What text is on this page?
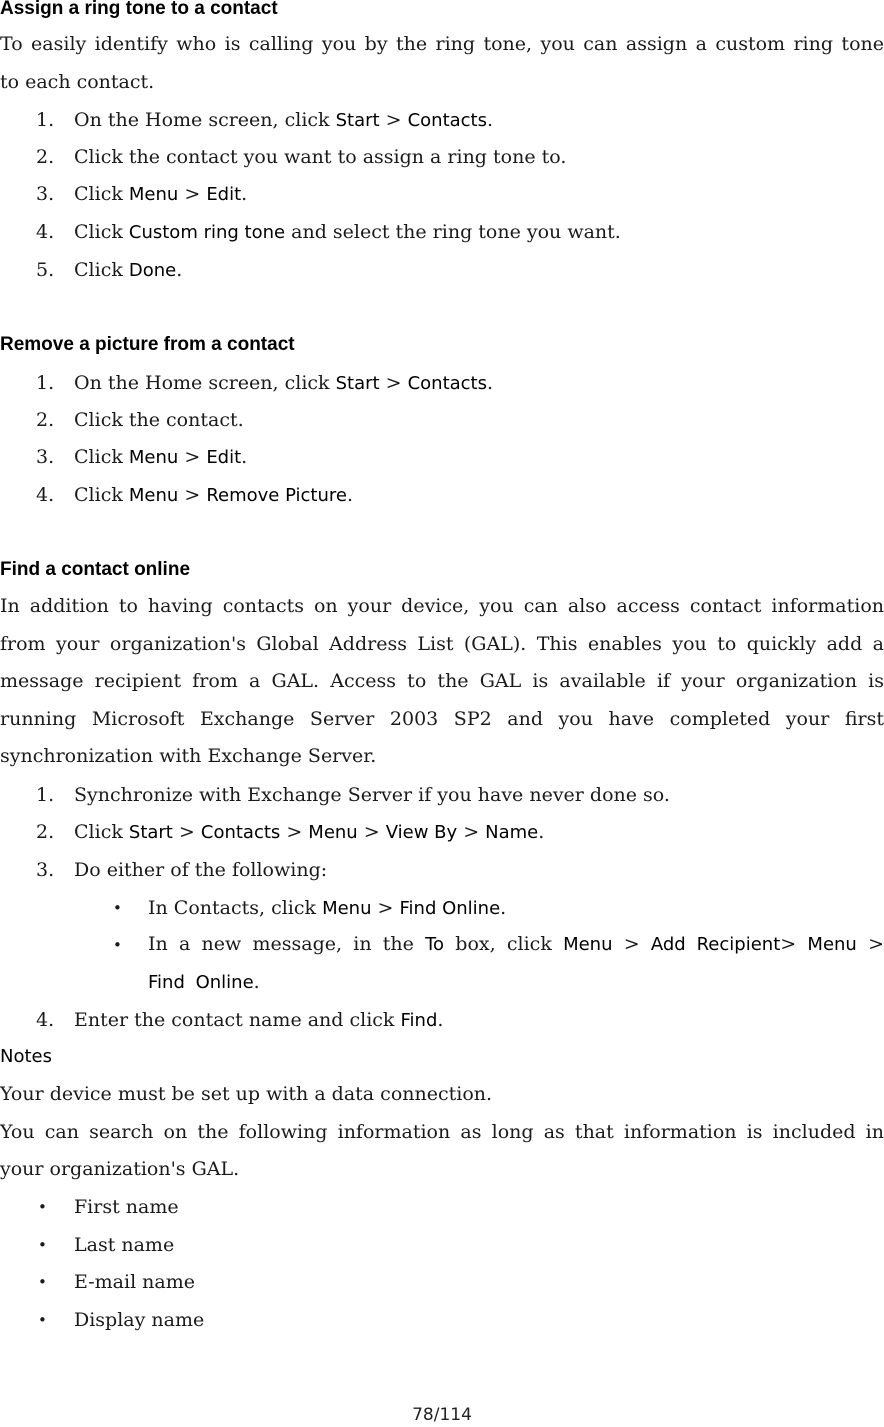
Assign a ring tone to a contact

To easily identify who is calling you by the ring tone, you can assign a custom ring tone
to each contact.

1. On the Home screen, click Start > Contacts.
2. Click the contact you want to assign a ring tone to.
3. Click Menu > Edit.
4. Click Custom ring tone and select the ring tone you want.
5. Click Done.
Remove a picture from a contact
1. On the Home screen, click Start > Contacts.
2. Click the contact.
3. Click Menu > Edit.
4. Click Menu > Remove Picture.
Find a contact online

In addition to having contacts on your device, you can also access contact information
from your organization's Global Address List (GAL). This enables you to quickly add a
message recipient from a GAL. Access to the GAL is available if your organization is
running Microsoft Exchange Server 2003 SP2 and you have completed your first
synchronization with Exchange Server.

1. Synchronize with Exchange Server if you have never done so.
2. Click Start > Contacts > Menu > View By > Name.
3. Do either of the following:
• In Contacts, click Menu > Find Online.
• In a new message, in the To box, click Menu > Add Recipient> Menu > Find Online.
4. Enter the contact name and click Find.
Notes

Your device must be set up with a data connection.
You can search on the following information as long as that information is included in
your organization's GAL.

• First name
• Last name
• E-mail name
• Display name
78/114
